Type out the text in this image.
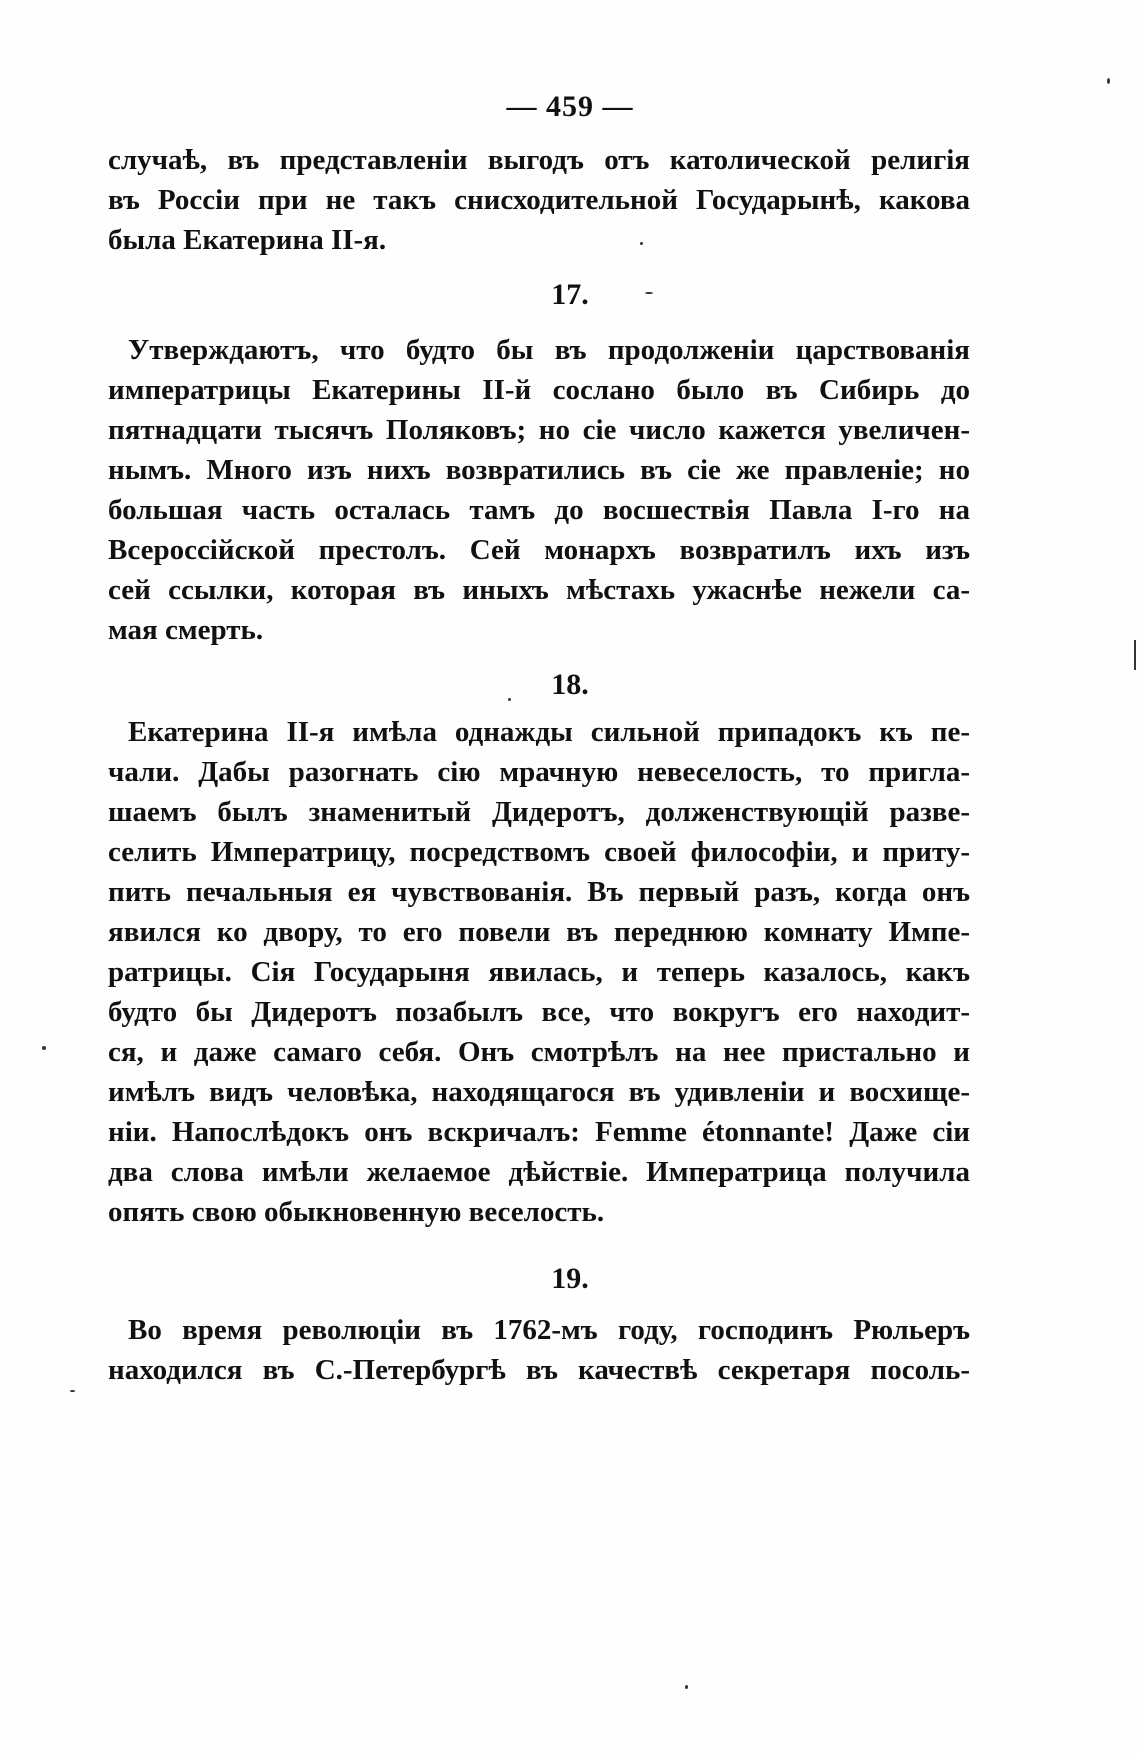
— 459 —
случаѣ, въ представленіи выгодъ отъ католической религія
въ Россіи при не такъ снисходительной Государынѣ, какова
была Екатерина II-я.
17.
Утверждаютъ, что будто бы въ продолженіи царствованія
императрицы Екатерины II-й сослано было въ Сибирь до
пятнадцати тысячъ Поляковъ; но сіе число кажется увеличен-
нымъ. Много изъ нихъ возвратились въ сіе же правленіе; но
большая часть осталась тамъ до восшествія Павла I-го на
Всероссійской престолъ. Сей монархъ возвратилъ ихъ изъ
сей ссылки, которая въ иныхъ мѣстахь ужаснѣе нежели са-
мая смерть.
18.
Екатерина II-я имѣла однажды сильной припадокъ къ пе-
чали. Дабы разогнать сію мрачную невеселость, то пригла-
шаемъ былъ знаменитый Дидеротъ, долженствующій разве-
селить Императрицу, посредствомъ своей философіи, и приту-
пить печальныя ея чувствованія. Въ первый разъ, когда онъ
явился ко двору, то его повели въ переднюю комнату Импе-
ратрицы. Сія Государыня явилась, и теперь казалось, какъ
будто бы Дидеротъ позабылъ все, что вокругъ его находит-
ся, и даже самаго себя. Онъ смотрѣлъ на нее пристально и
имѣлъ видъ человѣка, находящагося въ удивленіи и восхище-
ніи. Напослѣдокъ онъ вскричалъ: Femme étonnante! Даже сіи
два слова имѣли желаемое дѣйствіе. Императрица получила
опять свою обыкновенную веселость.
19.
Во время революціи въ 1762-мъ году, господинъ Рюльеръ
находился въ С.-Петербургѣ въ качествѣ секретаря посоль-
